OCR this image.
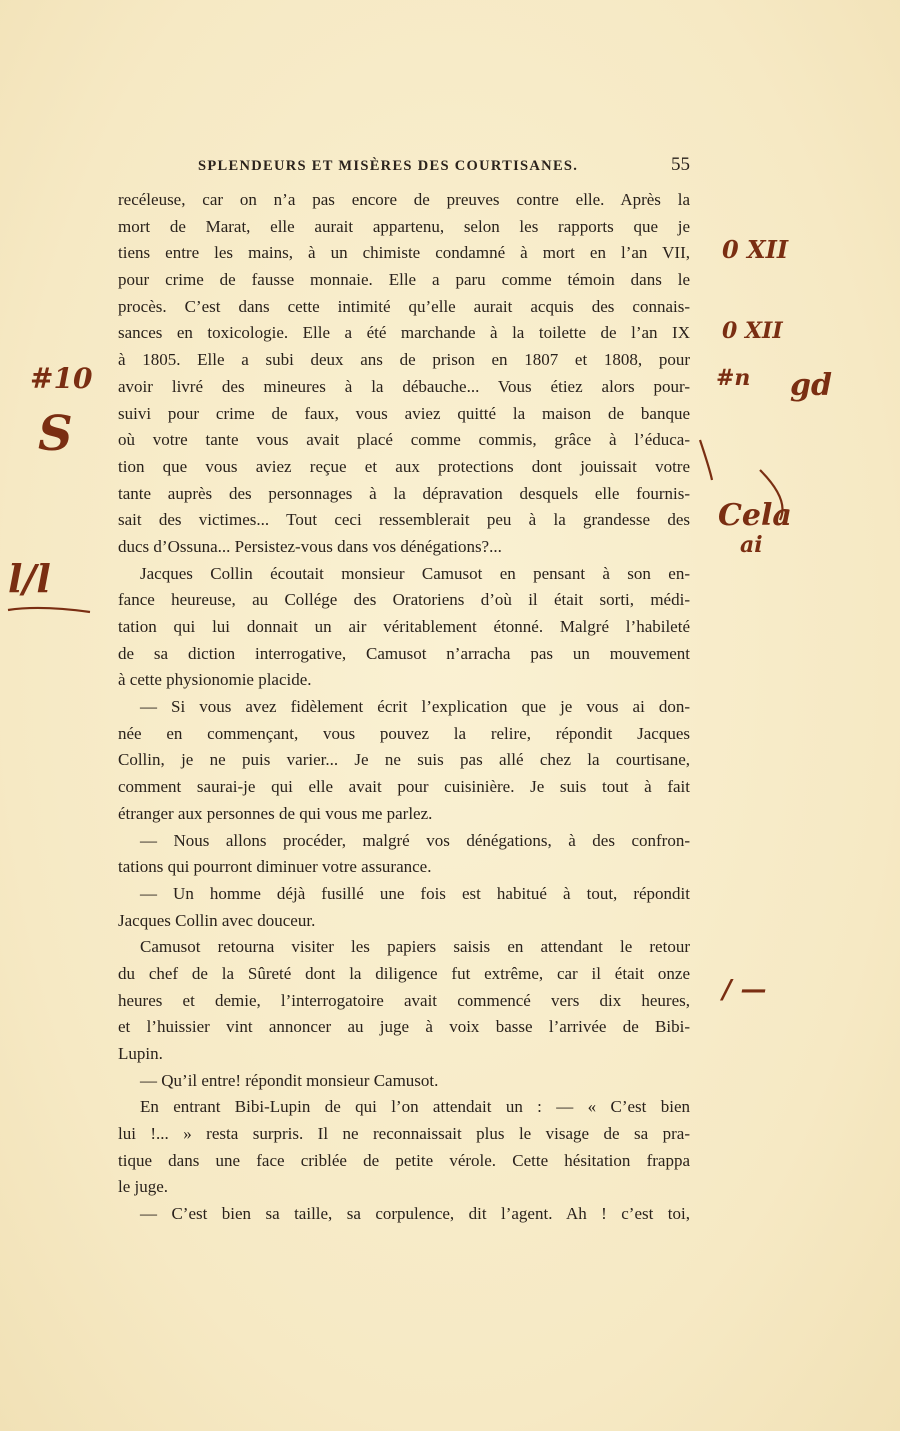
SPLENDEURS ET MISÈRES DES COURTISANES.	55
recéleuse, car on n’a pas encore de preuves contre elle. Après la
mort de Marat, elle aurait appartenu, selon les rapports que je
tiens entre les mains, à un chimiste condamné à mort en l’an VII,
pour crime de fausse monnaie. Elle a paru comme témoin dans le
procès. C’est dans cette intimité qu’elle aurait acquis des connais-
sances en toxicologie. Elle a été marchande à la toilette de l’an IX
à 1805. Elle a subi deux ans de prison en 1807 et 1808, pour
avoir livré des mineures à la débauche... Vous étiez alors pour-
suivi pour crime de faux, vous aviez quitté la maison de banque
où votre tante vous avait placé comme commis, grâce à l’éduca-
tion que vous aviez reçue et aux protections dont jouissait votre
tante auprès des personnages à la dépravation desquels elle fournis-
sait des victimes... Tout ceci ressemblerait peu à la grandesse des
ducs d’Ossuna... Persistez-vous dans vos dénégations?...
Jacques Collin écoutait monsieur Camusot en pensant à son en-
fance heureuse, au Collége des Oratoriens d’où il était sorti, médi-
tation qui lui donnait un air véritablement étonné. Malgré l’habileté
de sa diction interrogative, Camusot n’arracha pas un mouvement
à cette physionomie placide.
— Si vous avez fidèlement écrit l’explication que je vous ai don-
née en commençant, vous pouvez la relire, répondit Jacques
Collin, je ne puis varier... Je ne suis pas allé chez la courtisane,
comment saurai-je qui elle avait pour cuisinière. Je suis tout à fait
étranger aux personnes de qui vous me parlez.
— Nous allons procéder, malgré vos dénégations, à des confron-
tations qui pourront diminuer votre assurance.
— Un homme déjà fusillé une fois est habitué à tout, répondit
Jacques Collin avec douceur.
Camusot retourna visiter les papiers saisis en attendant le retour
du chef de la Sûreté dont la diligence fut extrême, car il était onze
heures et demie, l’interrogatoire avait commencé vers dix heures,
et l’huissier vint annoncer au juge à voix basse l’arrivée de Bibi-
Lupin.
— Qu’il entre! répondit monsieur Camusot.
En entrant Bibi-Lupin de qui l’on attendait un : — « C’est bien
lui !... » resta surpris. Il ne reconnaissait plus le visage de sa pra-
tique dans une face criblée de petite vérole. Cette hésitation frappa
le juge.
— C’est bien sa taille, sa corpulence, dit l’agent. Ah ! c’est toi,
0 XII
0 XII
#n gd
Cela
ai
#10
S
l/l
/ —
